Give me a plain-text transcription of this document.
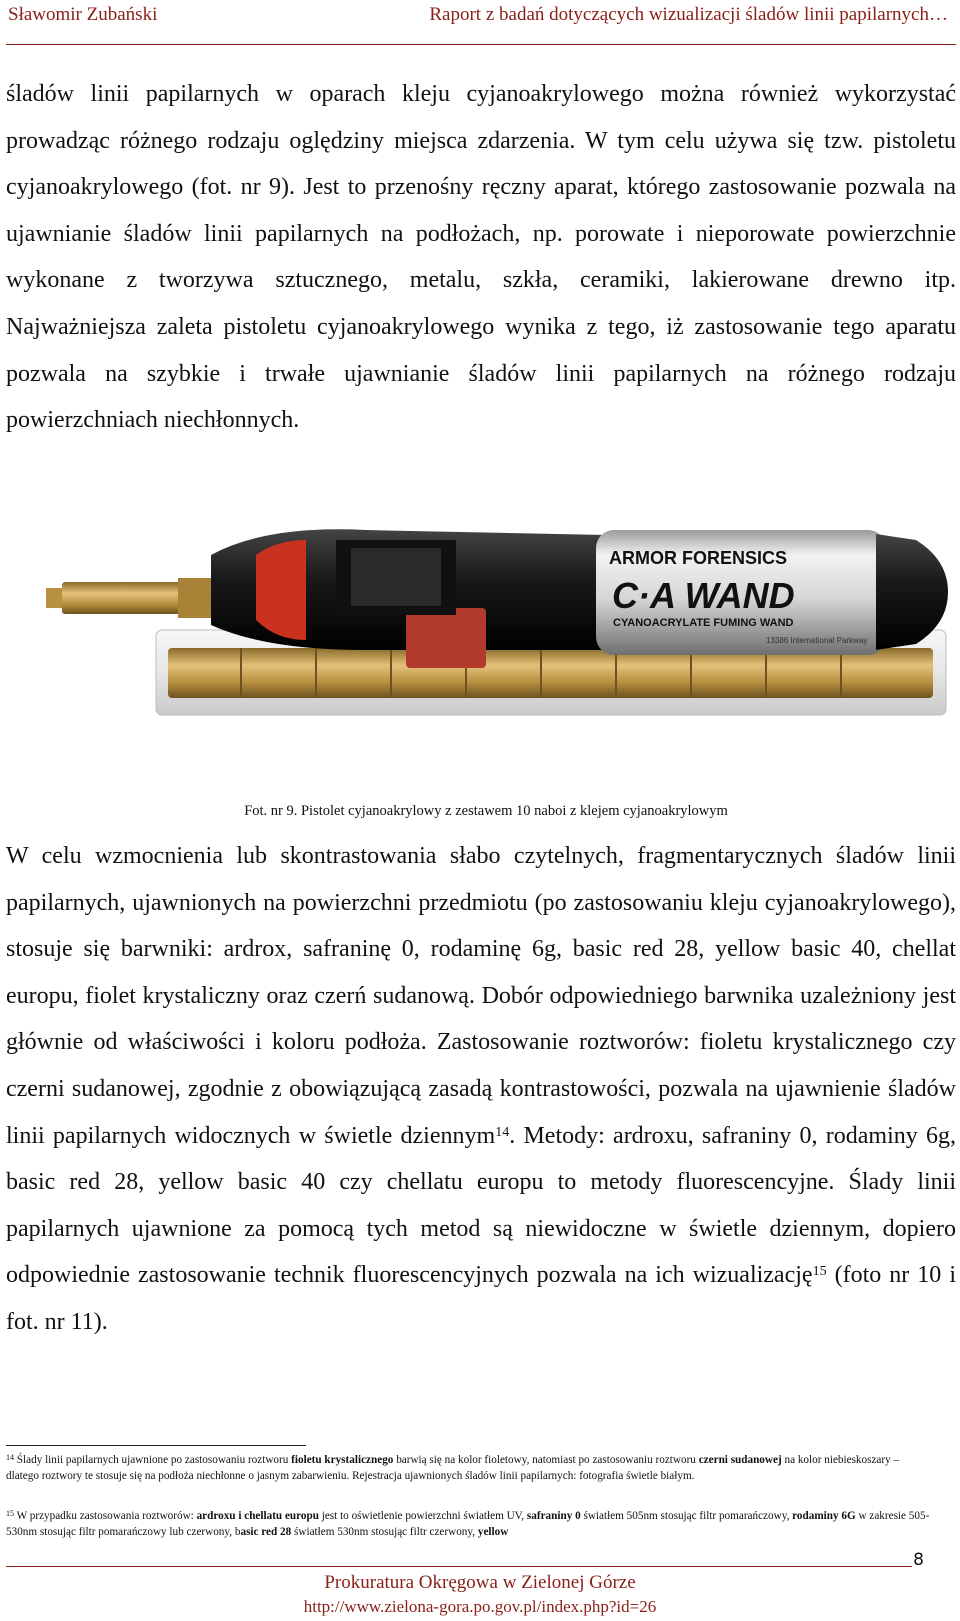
Sławomir Zubański	Raport z badań dotyczących wizualizacji śladów linii papilarnych…

śladów linii papilarnych w oparach kleju cyjanoakrylowego można również wykorzystać prowadząc różnego rodzaju oględziny miejsca zdarzenia. W tym celu używa się tzw. pistoletu cyjanoakrylowego (fot. nr 9). Jest to przenośny ręczny aparat, którego zastosowanie pozwala na ujawnianie śladów linii papilarnych na podłożach, np. porowate i nieporowate powierzchnie wykonane z tworzywa sztucznego, metalu, szkła, ceramiki, lakierowane drewno itp. Najważniejsza zaleta pistoletu cyjanoakrylowego wynika z tego, iż zastosowanie tego aparatu pozwala na szybkie i trwałe ujawnianie śladów linii papilarnych na różnego rodzaju powierzchniach niechłonnych.

ARMOR FORENSICS
C·A WAND
CYANOACRYLATE FUMING WAND
13386 International Parkway
Fot. nr 9. Pistolet cyjanoakrylowy z zestawem 10 naboi z klejem cyjanoakrylowym

W celu wzmocnienia lub skontrastowania słabo czytelnych, fragmentarycznych śladów linii papilarnych, ujawnionych na powierzchni przedmiotu (po zastosowaniu kleju cyjanoakrylowego), stosuje się barwniki: ardrox, safraninę 0, rodaminę 6g, basic red 28, yellow basic 40, chellat europu, fiolet krystaliczny oraz czerń sudanową. Dobór odpowiedniego barwnika uzależniony jest głównie od właściwości i koloru podłoża. Zastosowanie roztworów: fioletu krystalicznego czy czerni sudanowej, zgodnie z obowiązującą zasadą kontrastowości, pozwala na ujawnienie śladów linii papilarnych widocznych w świetle dziennym$^{14}$. Metody: ardroxu, safraniny 0, rodaminy 6g, basic red 28, yellow basic 40 czy chellatu europu to metody fluorescencyjne. Ślady linii papilarnych ujawnione za pomocą tych metod są niewidoczne w świetle dziennym, dopiero odpowiednie zastosowanie technik fluorescencyjnych pozwala na ich wizualizację$^{15}$ (foto nr 10 i fot. nr 11).

$^{14}$ Ślady linii papilarnych ujawnione po zastosowaniu roztworu fioletu krystalicznego barwią się na kolor fioletowy, natomiast po zastosowaniu roztworu czerni sudanowej na kolor niebieskoszary – dlatego roztwory te stosuje się na podłoża niechłonne o jasnym zabarwieniu. Rejestracja ujawnionych śladów linii papilarnych: fotografia świetle białym.

$^{15}$ W przypadku zastosowania roztworów: ardroxu i chellatu europu jest to oświetlenie powierzchni światłem UV, safraniny 0 światłem 505nm stosując filtr pomarańczowy, rodaminy 6G w zakresie 505-530nm stosując filtr pomarańczowy lub czerwony, basic red 28 światłem 530nm stosując filtr czerwony, yellow

8
Prokuratura Okręgowa w Zielonej Górze
http://www.zielona-gora.po.gov.pl/index.php?id=26
